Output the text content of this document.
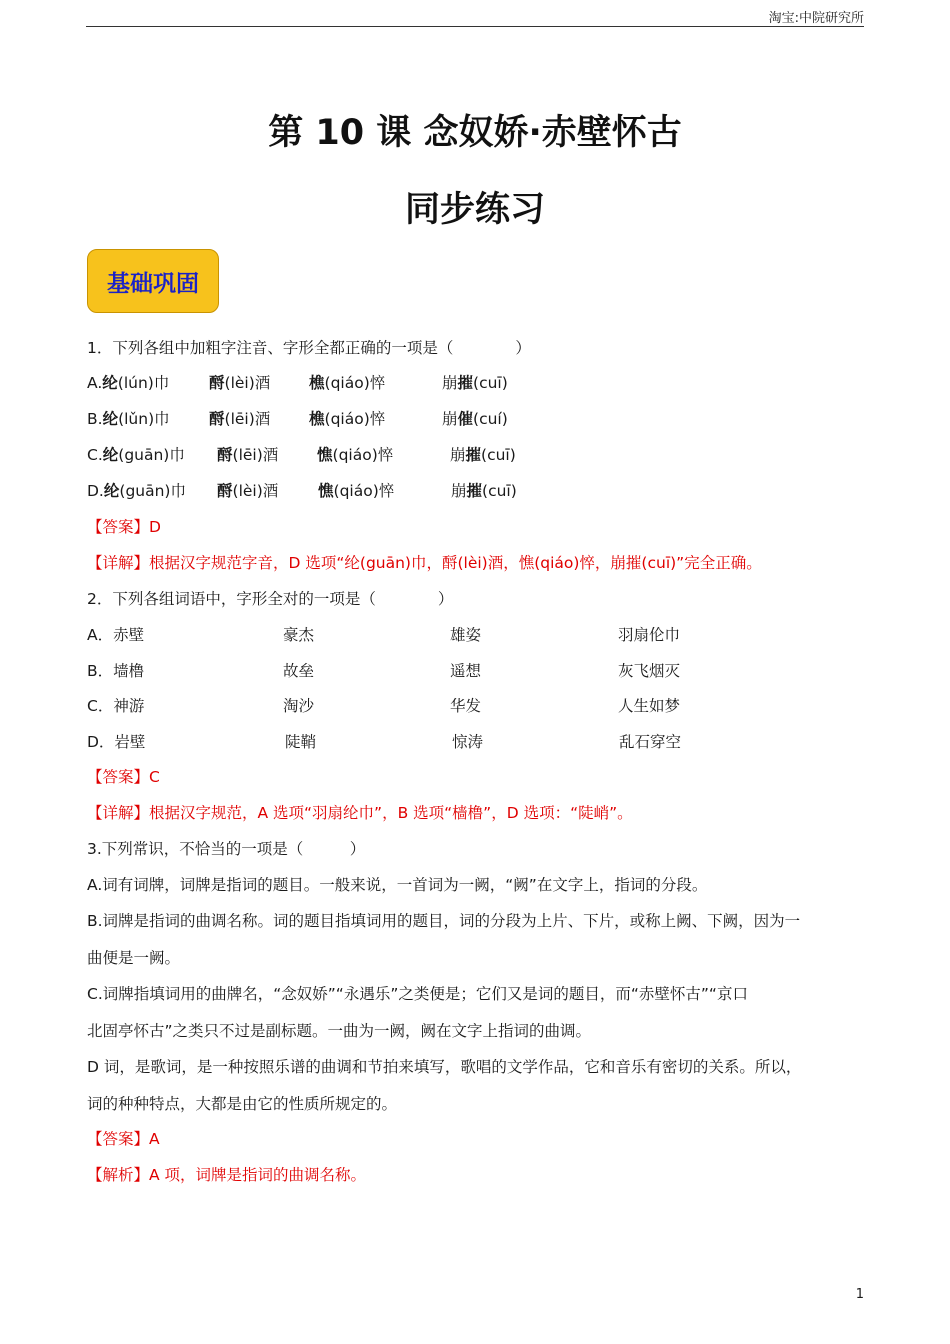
淘宝:中院研究所
第 10 课 念奴娇·赤壁怀古
同步练习
基础巩固
1．下列各组中加粗字注音、字形全都正确的一项是（　　　　）
A.纶(lún)巾	酹(lèi)酒 樵(qiáo)悴	崩摧(cuī)
B.纶(lǔn)巾	酹(lēi)酒 樵(qiáo)悴	崩催(cuí)
C.纶(guān)巾 酹(lēi)酒 憔(qiáo)悴	崩摧(cuī)
D.纶(guān)巾 酹(lèi)酒	憔(qiáo)悴	崩摧(cuī)
【答案】D
【详解】根据汉字规范字音，D 选项“纶(guān)巾，酹(lèi)酒，憔(qiáo)悴，崩摧(cuī)”完全正确。
2．下列各组词语中，字形全对的一项是（　　　　）
A．赤壁	豪杰	雄姿	羽扇伦巾
B．墙橹	故垒	遥想	灰飞烟灭
C．神游	淘沙	华发	人生如梦
D．岩壁	陡鞘	惊涛	乱石穿空
【答案】C
【详解】根据汉字规范，A 选项“羽扇纶巾”，B 选项“樯橹”，D 选项：“陡峭”。
3.下列常识，不恰当的一项是（　　　）
A.词有词牌，词牌是指词的题目。一般来说，一首词为一阙，“阙”在文字上，指词的分段。
B.词牌是指词的曲调名称。词的题目指填词用的题目，词的分段为上片、下片，或称上阙、下阙，因为一
曲便是一阙。
C.词牌指填词用的曲牌名，“念奴娇”“永遇乐”之类便是；它们又是词的题目，而“赤壁怀古”“京口
北固亭怀古”之类只不过是副标题。一曲为一阙，阙在文字上指词的曲调。
D 词，是歌词，是一种按照乐谱的曲调和节拍来填写，歌唱的文学作品，它和音乐有密切的关系。所以，
词的种种特点，大都是由它的性质所规定的。
【答案】A
【解析】A 项，词牌是指词的曲调名称。
1
